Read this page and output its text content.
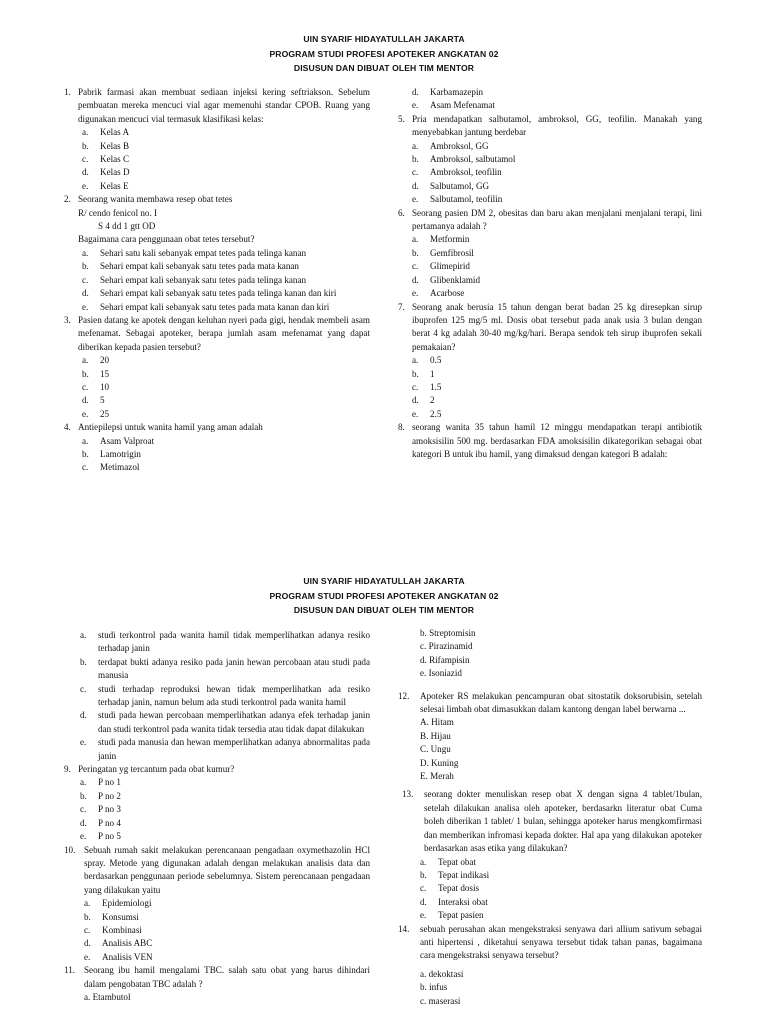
UIN SYARIF HIDAYATULLAH JAKARTA
PROGRAM STUDI PROFESI APOTEKER ANGKATAN 02
DISUSUN DAN DIBUAT OLEH TIM MENTOR
1. Pabrik farmasi akan membuat sediaan injeksi kering seftriakson. Sebelum pembuatan mereka mencuci vial agar memenuhi standar CPOB. Ruang yang digunakan mencuci vial termasuk klasifikasi kelas:
a.	Kelas A
b.	Kelas B
c.	Kelas C
d.	Kelas D
e.	Kelas E
2. Seorang wanita membawa resep obat tetes
R/ cendo fenicol no. I
S 4 dd 1 gtt OD
Bagaimana cara penggunaan obat tetes tersebut?
a.	Sehari satu kali sebanyak empat tetes pada telinga kanan
b.	Sehari empat kali sebanyak satu tetes pada mata kanan
c.	Sehari empat kali sebanyak satu tetes pada telinga kanan
d.	Sehari empat kali sebanyak satu tetes pada telinga kanan dan kiri
e.	Sehari empat kali sebanyak satu tetes pada mata kanan dan kiri
3. Pasien datang ke apotek dengan keluhan nyeri pada gigi, hendak membeli asam mefenamat. Sebagai apoteker, berapa jumlah asam mefenamat yang dapat diberikan kepada pasien tersebut?
a.	20
b.	15
c.	10
d.	5
e.	25
4. Antiepilepsi untuk wanita hamil yang aman adalah
a.	Asam Valproat
b.	Lamotrigin
c.	Metimazol
d.	Karbamazepin
e.	Asam Mefenamat
5. Pria mendapatkan salbutamol, ambroksol, GG, teofilin. Manakah yang menyebabkan jantung berdebar
a.	Ambroksol, GG
b.	Ambroksol, salbutamol
c.	Ambroksol, teofilin
d.	Salbutamol, GG
e.	Salbutamol, teofilin
6. Seorang pasien DM 2, obesitas dan baru akan menjalani menjalani terapi, lini pertamanya adalah ?
a.	Metformin
b.	Gemfibrosil
c.	Glimepirid
d.	Glibenklamid
e.	Acarbose
7. Seorang anak berusia 15 tahun dengan berat badan 25 kg diresepkan sirup ibuprofen 125 mg/5 ml. Dosis obat tersebut pada anak usia 3 bulan dengan berat 4 kg adalah 30-40 mg/kg/hari. Berapa sendok teh sirup ibuprofen sekali pemakaian?
a.	0.5
b.	1
c.	1.5
d.	2
e.	2.5
8. seorang wanita 35 tahun hamil 12 minggu mendapatkan terapi antibiotik amoksisilin 500 mg. berdasarkan FDA amoksisilin dikategorikan sebagai obat kategori B untuk ibu hamil, yang dimaksud dengan kategori B adalah:
UIN SYARIF HIDAYATULLAH JAKARTA
PROGRAM STUDI PROFESI APOTEKER ANGKATAN 02
DISUSUN DAN DIBUAT OLEH TIM MENTOR
a.	studi terkontrol pada wanita hamil tidak memperlihatkan adanya resiko terhadap janin
b.	terdapat bukti adanya resiko pada janin hewan percobaan atau studi pada manusia
c.	studi terhadap reproduksi hewan tidak memperlihatkan ada resiko terhadap janin, namun belum ada studi terkontrol pada wanita hamil
d.	studi pada hewan percobaan memperlihatkan adanya efek terhadap janin dan studi terkontrol pada wanita tidak tersedia atau tidak dapat dilakukan
e.	studi pada manusia dan hewan memperlihatkan adanya abnormalitas pada janin
9. Peringatan yg tercantum pada obat kumur?
a.	P no 1
b.	P no 2
c.	P no 3
d.	P no 4
e.	P no 5
10. Sebuah rumah sakit melakukan perencanaan pengadaan oxymethazolin HCl spray. Metode yang digunakan adalah dengan melakukan analisis data dan berdasarkan penggunaan periode sebelumnya. Sistem perencanaan pengadaan yang dilakukan yaitu
a.	Epidemiologi
b.	Konsumsi
c.	Kombinasi
d.	Analisis ABC
e.	Analisis VEN
11. Seorang ibu hamil mengalami TBC. salah satu obat yang harus dihindari dalam pengobatan TBC adalah ?
a. Etambutol
b. Streptomisin
c. Pirazinamid
d. Rifampisin
e. Isoniazid
12.	Apoteker RS melakukan pencampuran obat sitostatik doksorubisin, setelah selesai limbah obat dimasukkan dalam kantong dengan label berwarna ...
A. Hitam
B. Hijau
C. Ungu
D. Kuning
E. Merah
13.	seorang dokter menuliskan resep obat X dengan signa 4 tablet/1bulan, setelah dilakukan analisa oleh apoteker, berdasarkn literatur obat Cuma boleh diberikan 1 tablet/ 1 bulan, sehingga apoteker harus mengkomfirmasi dan memberikan infromasi kepada dokter. Hal apa yang dilakukan apoteker berdasarkan asas etika yang dilakukan?
a.	Tepat obat
b.	Tepat indikasi
c.	Tepat dosis
d.	Interaksi obat
e.	Tepat pasien
14.	sebuah perusahan akan mengekstraksi senyawa dari allium sativum sebagai anti hipertensi , diketahui senyawa tersebut tidak tahan panas, bagaimana cara mengekstraksi senyawa tersebut?
a. dekoktasi
b. infus
c. maserasi
